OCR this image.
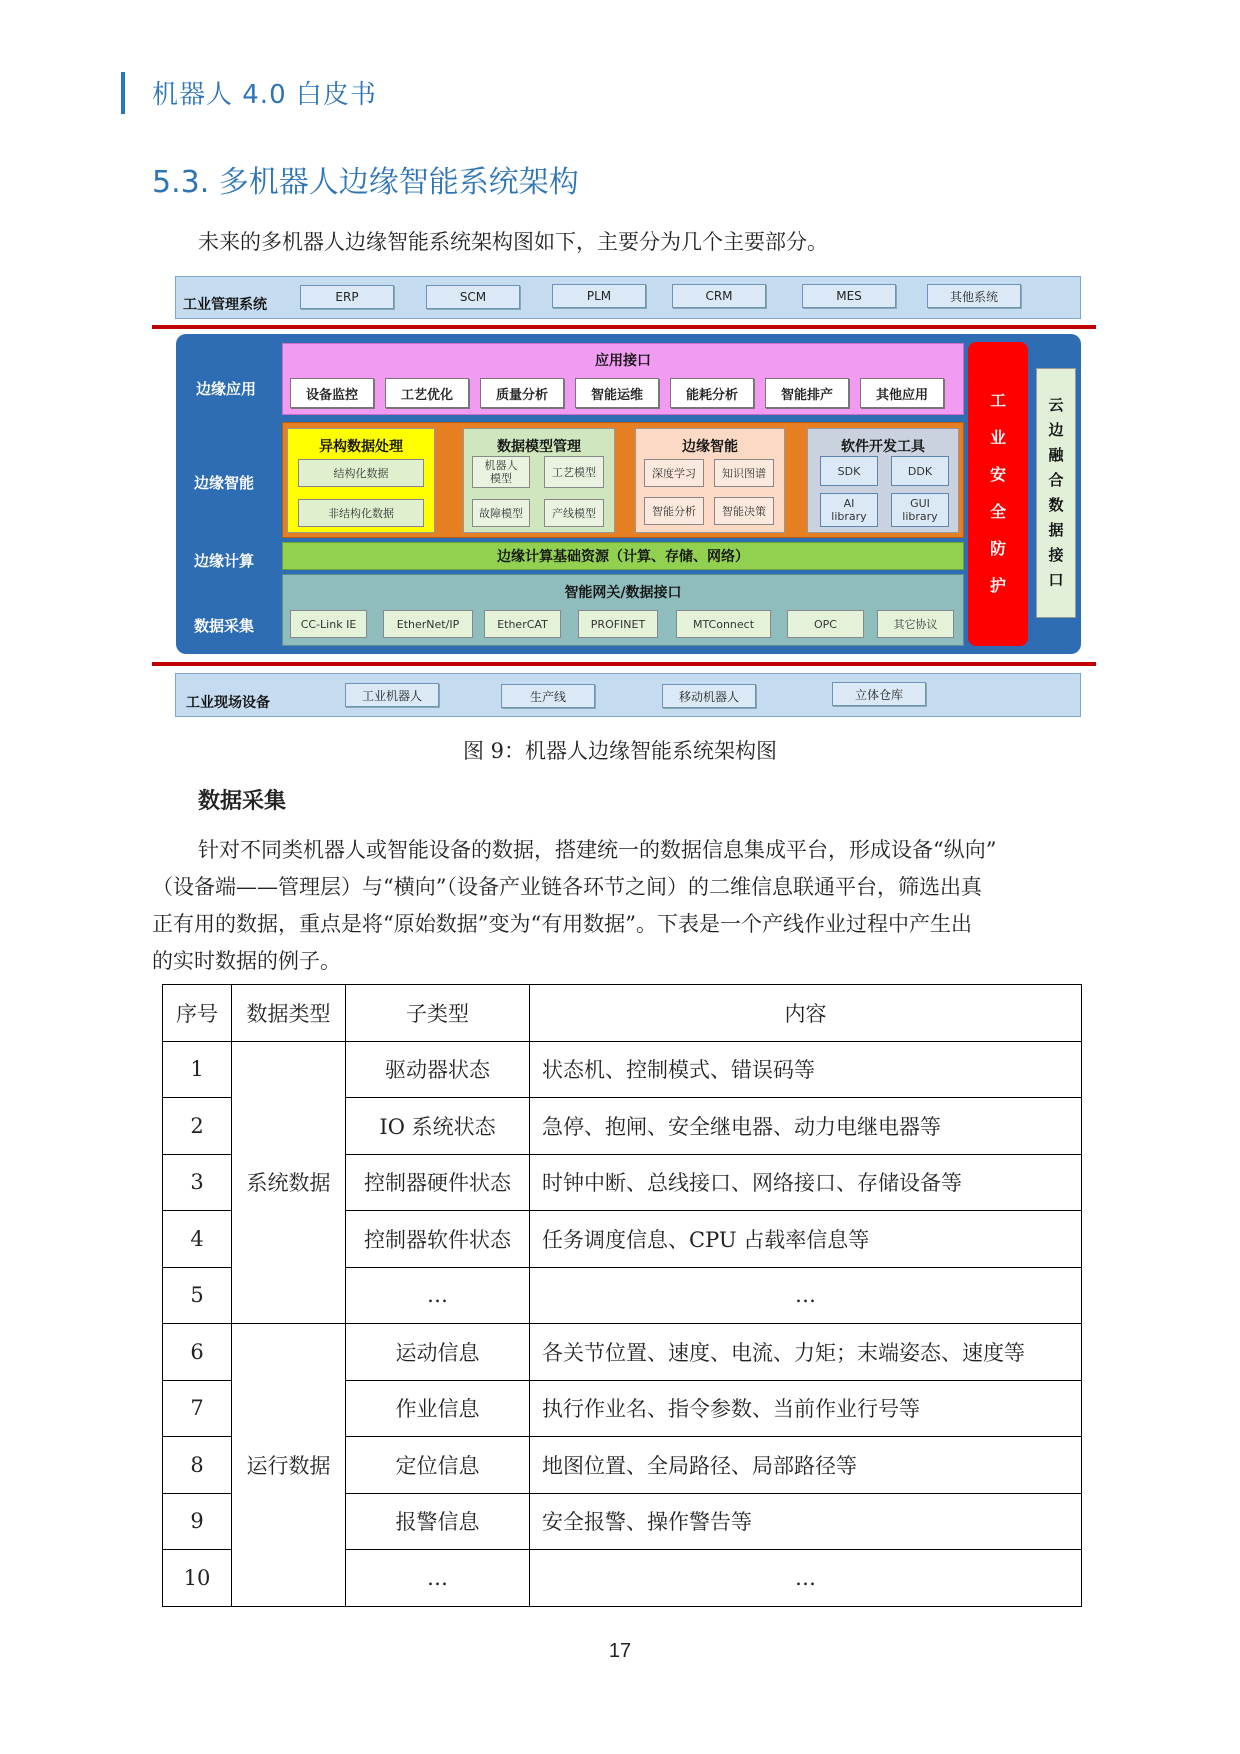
机器人 4.0 白皮书
5.3. 多机器人边缘智能系统架构
未来的多机器人边缘智能系统架构图如下，主要分为几个主要部分。
工业管理系统	ERP	SCM	PLM	CRM	MES	其他系统
边缘应用
边缘智能
边缘计算
数据采集
应用接口
设备监控	工艺优化	质量分析	智能运维	能耗分析	智能排产	其他应用
异构数据处理
结构化数据
非结构化数据
数据模型管理
机器人
模型	工艺模型
故障模型	产线模型
边缘智能
深度学习	知识图谱
智能分析	智能决策
软件开发工具
SDK	DDK
AI
library
GUI
library
边缘计算基础资源（计算、存储、网络）
智能网关/数据接口
CC-Link IE	EtherNet/IP	EtherCAT	PROFINET	MTConnect	OPC	其它协议
工业安全防护
云边融合数据接口
工业现场设备	工业机器人	生产线	移动机器人	立体仓库
图 9：机器人边缘智能系统架构图
数据采集
针对不同类机器人或智能设备的数据，搭建统一的数据信息集成平台，形成设备“纵向”
（设备端——管理层）与“横向”（设备产业链各环节之间）的二维信息联通平台，筛选出真
正有用的数据，重点是将“原始数据”变为“有用数据”。下表是一个产线作业过程中产生出
的实时数据的例子。
序号	数据类型	子类型	内容
1	系统数据	驱动器状态	状态机、控制模式、错误码等
2		IO 系统状态	急停、抱闸、安全继电器、动力电继电器等
3		控制器硬件状态	时钟中断、总线接口、网络接口、存储设备等
4		控制器软件状态	任务调度信息、CPU 占载率信息等
5		…	…
6	运行数据	运动信息	各关节位置、速度、电流、力矩；末端姿态、速度等
7		作业信息	执行作业名、指令参数、当前作业行号等
8		定位信息	地图位置、全局路径、局部路径等
9		报警信息	安全报警、操作警告等
10		…	…
17
